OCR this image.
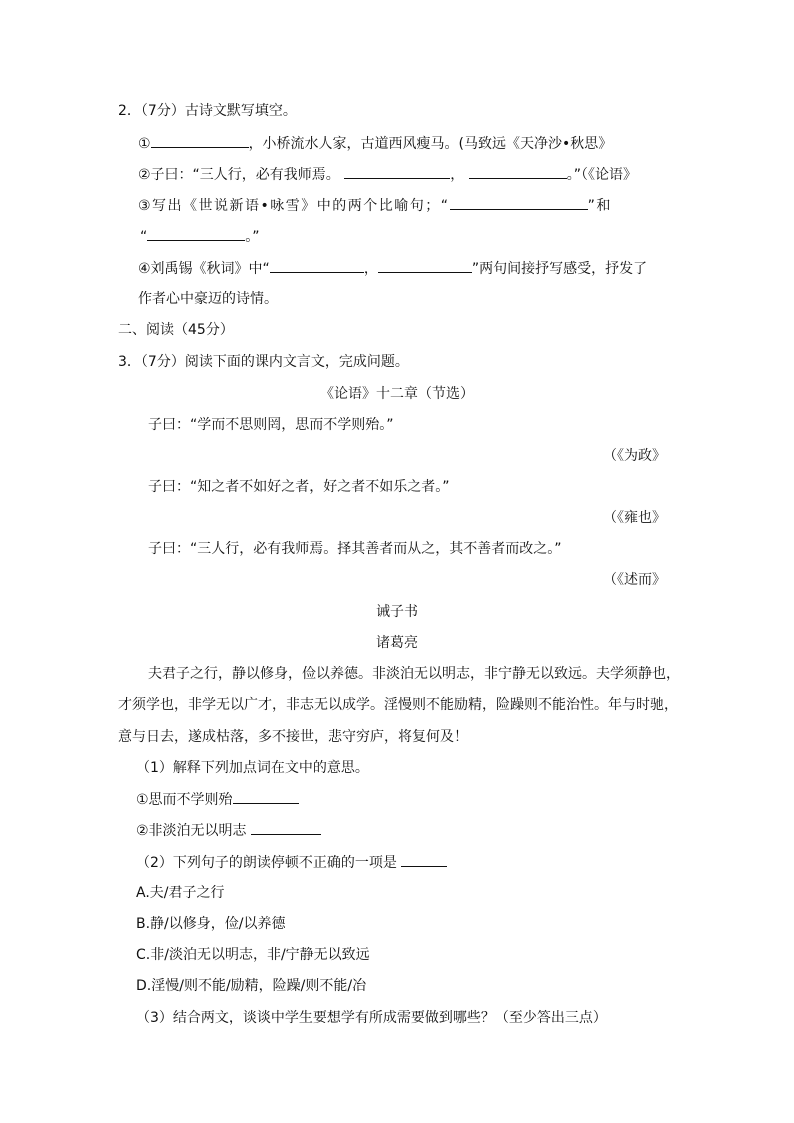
2．（7分）古诗文默写填空。
①	，小桥流水人家，古道西风瘦马。(马致远《天净沙•秋思》
②子曰：“三人行，必有我师焉。	，	。”（《论语》
③写出《世说新语•咏雪》中的两个比喻句；“	”和
“	。”
④刘禹锡《秋词》中“	，	”两句间接抒写感受，抒发了
作者心中豪迈的诗情。
二、阅读（45分）
3．（7分）阅读下面的课内文言文，完成问题。
《论语》十二章（节选）
子曰：“学而不思则罔，思而不学则殆。”
（《为政》
子曰：“知之者不如好之者，好之者不如乐之者。”
（《雍也》
子曰：“三人行，必有我师焉。择其善者而从之，其不善者而改之。”
（《述而》
诫子书
诸葛亮
夫君子之行，静以修身，俭以养德。非淡泊无以明志，非宁静无以致远。夫学须静也，
才须学也，非学无以广才，非志无以成学。淫慢则不能励精，险躁则不能治性。年与时驰，
意与日去，遂成枯落，多不接世，悲守穷庐，将复何及！
（1）解释下列加点词在文中的意思。
①思而不学则殆
②非淡泊无以明志
（2）下列句子的朗读停顿不正确的一项是
A.夫/君子之行
B.静/以修身，俭/以养德
C.非/淡泊无以明志，非/宁静无以致远
D.淫慢/则不能/励精，险躁/则不能/冶
（3）结合两文，谈谈中学生要想学有所成需要做到哪些？（至少答出三点）
